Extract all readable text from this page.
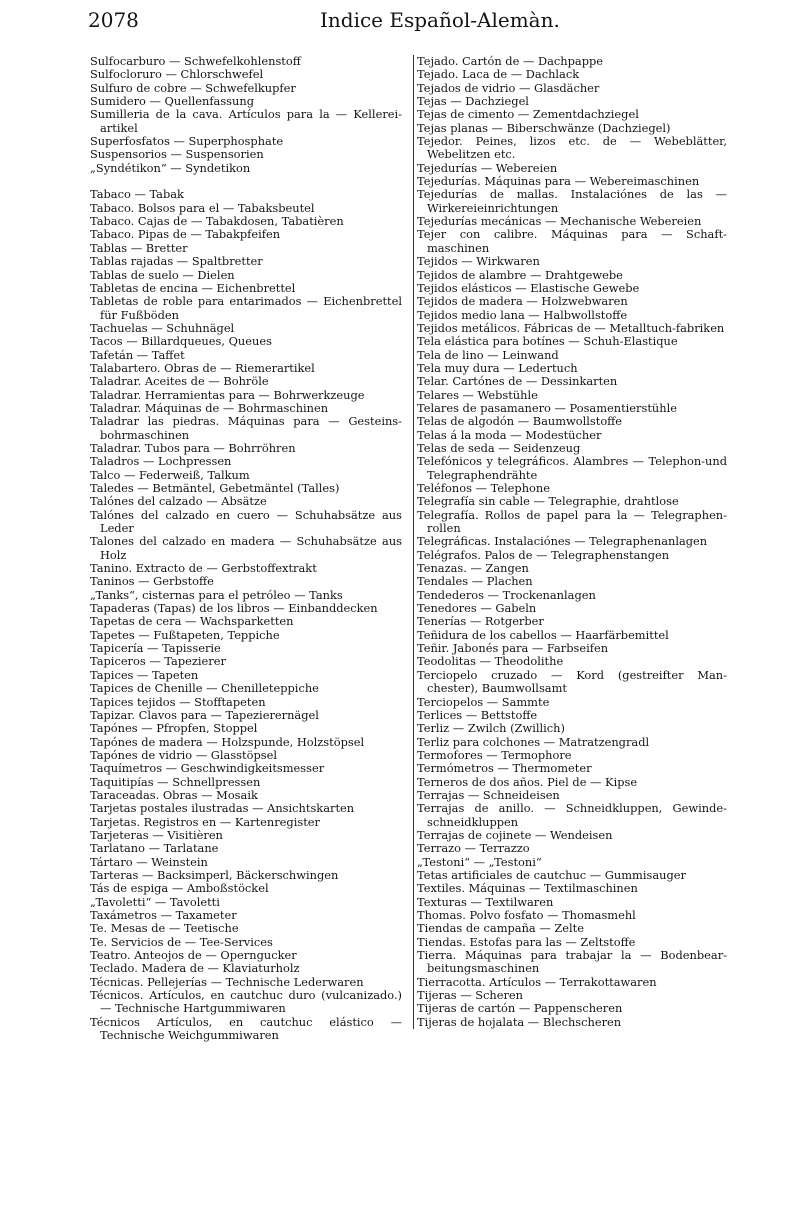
2078	Indice Español-Alemàn.
Sulfocarburo — Schwefelkohlenstoff
Sulfocloruro — Chlorschwefel
Sulfuro de cobre — Schwefelkupfer
Sumidero — Quellenfassung
Sumilleria de la cava. Artículos para la — Kellerei-artikel
Superfosfatos — Superphosphate
Suspensorios — Suspensorien
„Syndétikon“ — Syndetikon
Tabaco — Tabak
Tabaco. Bolsos para el — Tabaksbeutel
Tabaco. Cajas de — Tabakdosen, Tabatièren
Tabaco. Pipas de — Tabakpfeifen
Tablas — Bretter
Tablas rajadas — Spaltbretter
Tablas de suelo — Dielen
Tabletas de encina — Eichenbrettel
Tabletas de roble para entarimados — Eichenbrettel für Fußböden
Tachuelas — Schuhnägel
Tacos — Billardqueues, Queues
Tafetán — Taffet
Talabartero. Obras de — Riemerartikel
Taladrar. Aceites de — Bohröle
Taladrar. Herramientas para — Bohrwerkzeuge
Taladrar. Máquinas de — Bohrmaschinen
Taladrar las piedras. Máquinas para — Gesteins-bohrmaschinen
Taladrar. Tubos para — Bohrröhren
Taladros — Lochpressen
Talco — Federweiß, Talkum
Taledes — Betmäntel, Gebetmäntel (Talles)
Talónes del calzado — Absätze
Talónes del calzado en cuero — Schuhabsätze aus Leder
Talones del calzado en madera — Schuhabsätze aus Holz
Tanino. Extracto de — Gerbstoffextrakt
Taninos — Gerbstoffe
„Tanks“, cisternas para el petróleo — Tanks
Tapaderas (Tapas) de los libros — Einbanddecken
Tapetas de cera — Wachsparketten
Tapetes — Fußtapeten, Teppiche
Tapicería — Tapisserie
Tapiceros — Tapezierer
Tapices — Tapeten
Tapices de Chenille — Chenilleteppiche
Tapices tejidos — Stofftapeten
Tapizar. Clavos para — Tapezierernägel
Tapónes — Pfropfen, Stoppel
Tapónes de madera — Holzspunde, Holzstöpsel
Tapónes de vidrio — Glasstöpsel
Taquímetros — Geschwindigkeitsmesser
Taquitipías — Schnellpressen
Taraceadas. Obras — Mosaik
Tarjetas postales ilustradas — Ansichtskarten
Tarjetas. Registros en — Kartenregister
Tarjeteras — Visitièren
Tarlatano — Tarlatane
Tártaro — Weinstein
Tarteras — Backsimperl, Bäckerschwingen
Tás de espiga — Amboßstöckel
„Tavoletti“ — Tavoletti
Taxámetros — Taxameter
Te. Mesas de — Teetische
Te. Servicios de — Tee-Services
Teatro. Anteojos de — Operngucker
Teclado. Madera de — Klaviaturholz
Técnicas. Pellejerías — Technische Lederwaren
Técnicos. Artículos, en cautchuc duro (vulcanizado.) — Technische Hartgummiwaren
Técnicos Artículos, en cautchuc elástico — Technische Weichgummiwaren
Tejado. Cartón de — Dachpappe
Tejado. Laca de — Dachlack
Tejados de vidrio — Glasdächer
Tejas — Dachziegel
Tejas de cimento — Zementdachziegel
Tejas planas — Biberschwänze (Dachziegel)
Tejedor. Peines, lizos etc. de — Webeblätter, Webelitzen etc.
Tejedurías — Webereien
Tejedurías. Máquinas para — Webereimaschinen
Tejedurías de mallas. Instalaciónes de las — Wirkereieinrichtungen
Tejedurías mecánicas — Mechanische Webereien
Tejer con calibre. Máquinas para — Schaft-maschinen
Tejidos — Wirkwaren
Tejidos de alambre — Drahtgewebe
Tejidos elásticos — Elastische Gewebe
Tejidos de madera — Holzwebwaren
Tejidos medio lana — Halbwollstoffe
Tejidos metálicos. Fábricas de — Metalltuch-fabriken
Tela elástica para botínes — Schuh-Elastique
Tela de lino — Leinwand
Tela muy dura — Ledertuch
Telar. Cartónes de — Dessinkarten
Telares — Webstühle
Telares de pasamanero — Posamentierstühle
Telas de algodón — Baumwollstoffe
Telas á la moda — Modestücher
Telas de seda — Seidenzeug
Telefónicos y telegráficos. Alambres — Telephon-und Telegraphendrähte
Teléfonos — Telephone
Telegrafía sin cable — Telegraphie, drahtlose
Telegrafía. Rollos de papel para la — Telegraphen-rollen
Telegráficas. Instalaciónes — Telegraphenanlagen
Telégrafos. Palos de — Telegraphenstangen
Tenazas. — Zangen
Tendales — Plachen
Tendederos — Trockenanlagen
Tenedores — Gabeln
Tenerías — Rotgerber
Teñidura de los cabellos — Haarfärbemittel
Teñir. Jabonés para — Farbseifen
Teodolitas — Theodolithe
Terciopelo cruzado — Kord (gestreifter Man-chester), Baumwollsamt
Terciopelos — Sammte
Terlices — Bettstoffe
Terliz — Zwilch (Zwillich)
Terliz para colchones — Matratzengradl
Termofores — Termophore
Termómetros — Thermometer
Terneros de dos años. Piel de — Kipse
Terrajas — Schneideisen
Terrajas de anillo. — Schneidkluppen, Gewinde-schneidkluppen
Terrajas de cojinete — Wendeisen
Terrazo — Terrazzo
„Testoni“ — „Testoni“
Tetas artificiales de cautchuc — Gummisauger
Textiles. Máquinas — Textilmaschinen
Texturas — Textilwaren
Thomas. Polvo fosfato — Thomasmehl
Tiendas de campaña — Zelte
Tiendas. Estofas para las — Zeltstoffe
Tierra. Máquinas para trabajar la — Bodenbear-beitungsmaschinen
Tierracotta. Artículos — Terrakottawaren
Tijeras — Scheren
Tijeras de cartón — Pappenscheren
Tijeras de hojalata — Blechscheren
